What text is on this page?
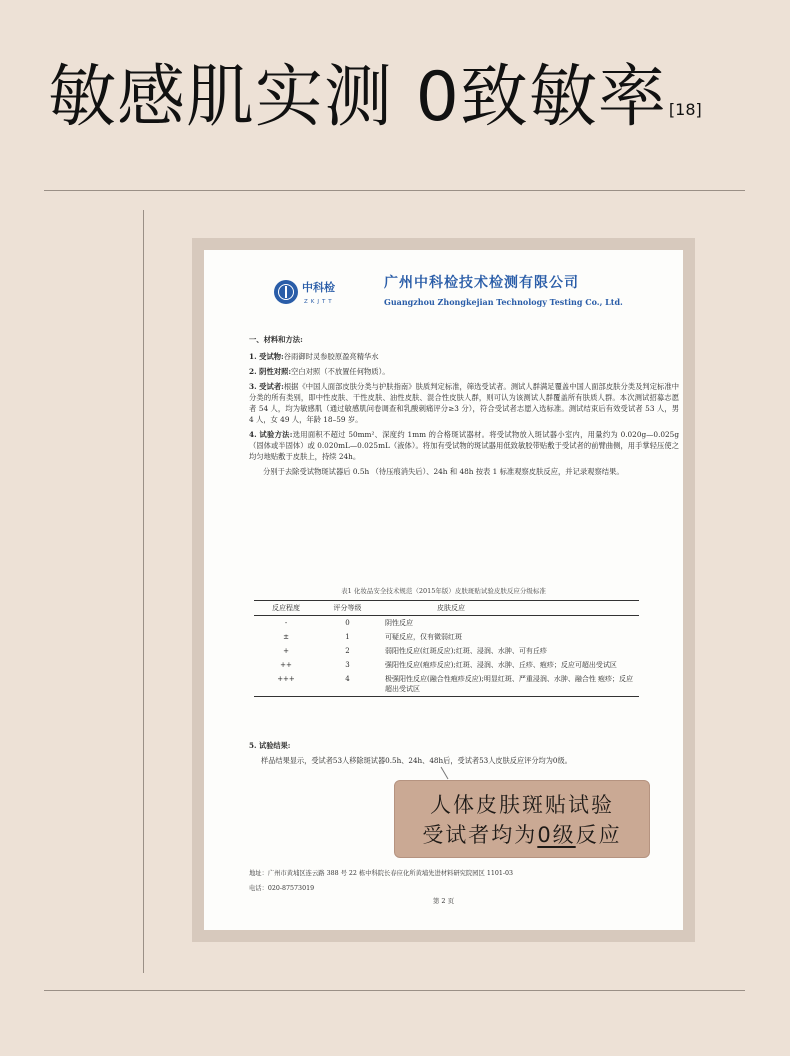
敏感肌实测 0致敏率 [18]
中科检
ZKJTT
广州中科检技术检测有限公司
Guangzhou Zhongkejian Technology Testing Co., Ltd.

一、材料和方法:

1. 受试物:谷雨御时灵参胶原盈亮精华水

2. 阴性对照:空白对照（不放置任何物质）。

3. 受试者:根据《中国人面部皮肤分类与护肤指南》肤质判定标准，筛选受试者。测试人群满足覆盖中国人面部皮肤分类及判定标准中分类的所有类别，即中性皮肤、干性皮肤、油性皮肤、混合性皮肤人群，则可认为该测试人群覆盖所有肤质人群。本次测试招募志愿者 54 人，均为敏感肌（通过敏感肌问卷调查和乳酸刺痛评分≥3 分），符合受试者志愿入选标准。测试结束后有效受试者 53 人，男 4 人，女 49 人，年龄 18–59 岁。

4. 试验方法:选用面积不超过 50mm²、深度约 1mm 的合格斑试器材。将受试物放入斑试器小室内，用量约为 0.020g—0.025g（固体或半固体）或 0.020mL—0.025mL（液体）。将加有受试物的斑试器用低致敏胶带贴敷于受试者的前臂曲侧，用手掌轻压使之均匀地贴敷于皮肤上，持续 24h。

分别于去除受试物斑试器后 0.5h （待压痕消失后）、24h 和 48h 按表 1 标准观察皮肤反应，并记录观察结果。

表1 化妆品安全技术规范（2015年版）皮肤斑贴试验皮肤反应分级标准
反应程度	评分等级	皮肤反应
-	0	阴性反应
±	1	可疑反应，仅有微弱红斑
+	2	弱阳性反应(红斑反应);红斑、浸润、水肿、可有丘疹
++	3	强阳性反应(疱疹反应);红斑、浸润、水肿、丘疹、疱疹；反应可超出受试区
+++	4	极强阳性反应(融合性疱疹反应);明显红斑、严重浸润、水肿、融合性 疱疹；反应超出受试区
5. 试验结果:
样品结果显示，受试者53人移除斑试器0.5h、24h、48h后，受试者53人皮肤反应评分均为0级。
地址：广州市黄埔区连云路 388 号 22 栋中科院长春应化所黄埔先进材料研究院园区 1101-03
电话：020-87573019
第 2 页
人体皮肤斑贴试验
受试者均为0级反应
